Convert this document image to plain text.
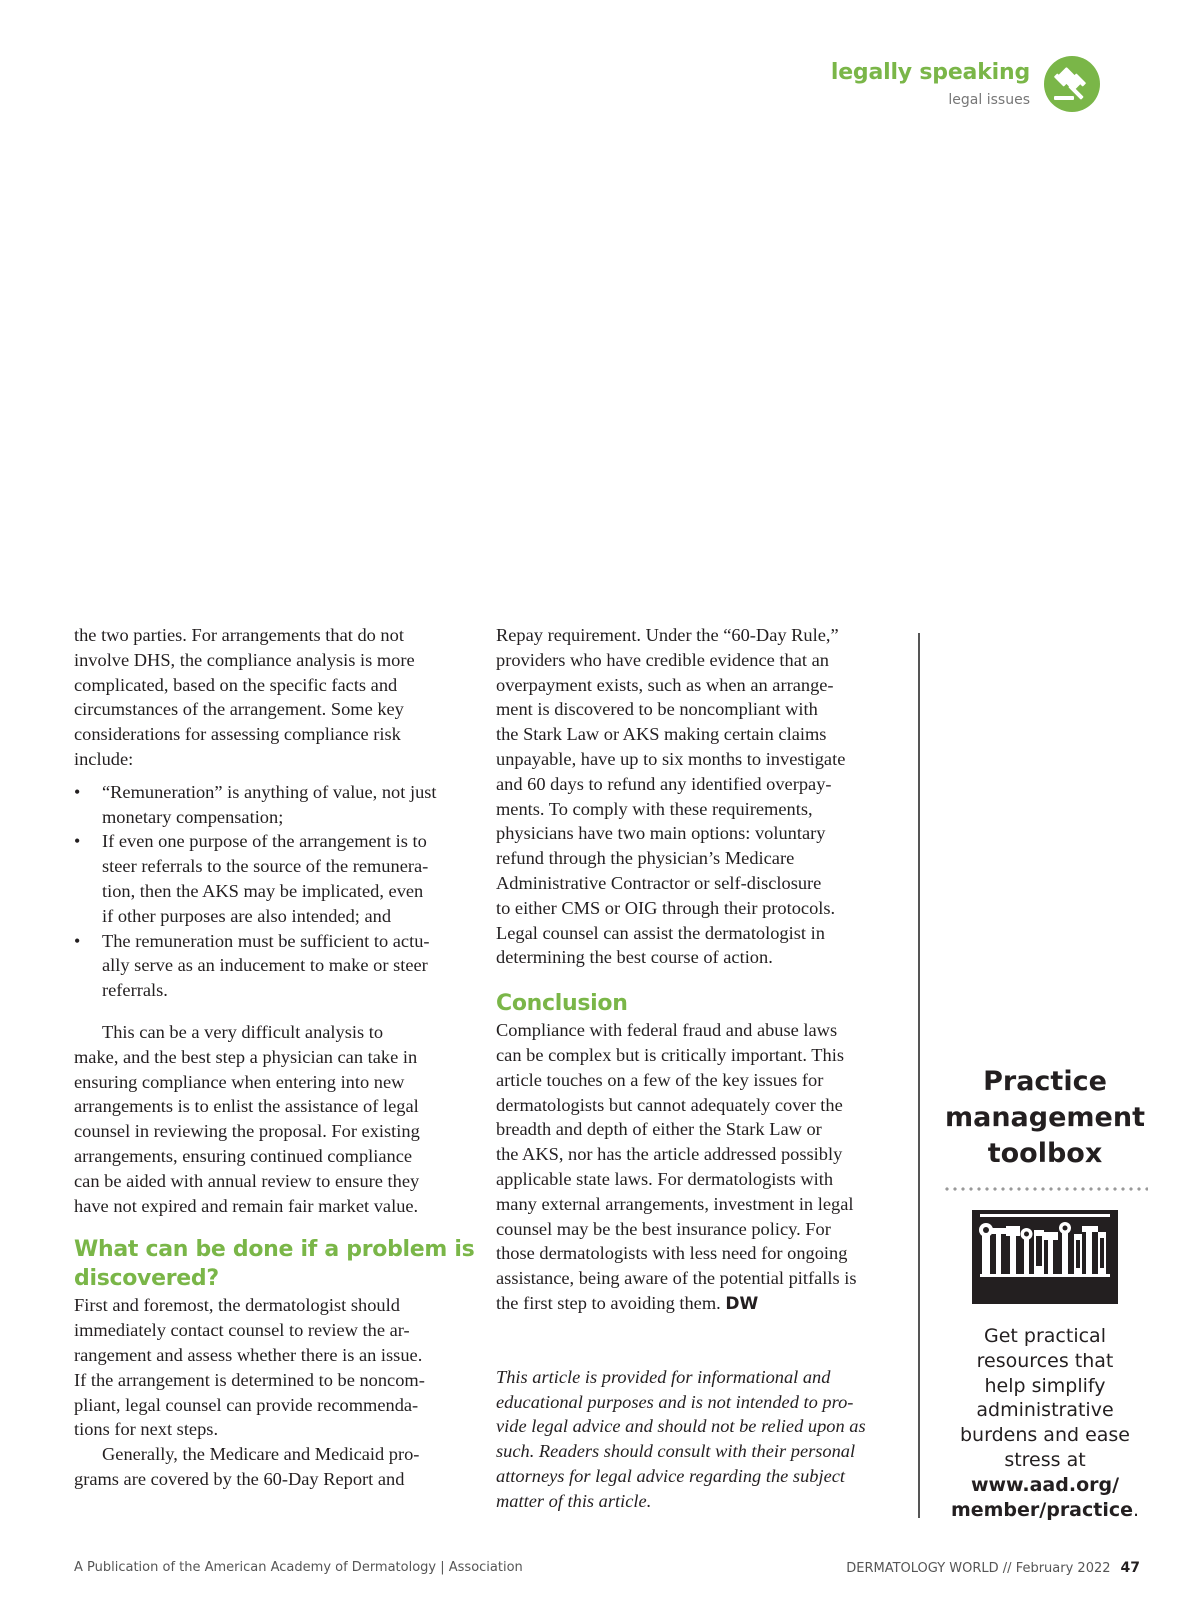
legally speaking
legal issues

the two parties. For arrangements that do not
involve DHS, the compliance analysis is more
complicated, based on the specific facts and
circumstances of the arrangement. Some key
considerations for assessing compliance risk
include:

• “Remuneration” is anything of value, not just
monetary compensation;
• If even one purpose of the arrangement is to
steer referrals to the source of the remunera-
tion, then the AKS may be implicated, even
if other purposes are also intended; and
• The remuneration must be sufficient to actu-
ally serve as an inducement to make or steer
referrals.

This can be a very difficult analysis to
make, and the best step a physician can take in
ensuring compliance when entering into new
arrangements is to enlist the assistance of legal
counsel in reviewing the proposal. For existing
arrangements, ensuring continued compliance
can be aided with annual review to ensure they
have not expired and remain fair market value.

What can be done if a problem is
discovered?

First and foremost, the dermatologist should
immediately contact counsel to review the ar-
rangement and assess whether there is an issue.
If the arrangement is determined to be noncom-
pliant, legal counsel can provide recommenda-
tions for next steps.

Generally, the Medicare and Medicaid pro-
grams are covered by the 60-Day Report and

Repay requirement. Under the “60-Day Rule,”
providers who have credible evidence that an
overpayment exists, such as when an arrange-
ment is discovered to be noncompliant with
the Stark Law or AKS making certain claims
unpayable, have up to six months to investigate
and 60 days to refund any identified overpay-
ments. To comply with these requirements,
physicians have two main options: voluntary
refund through the physician’s Medicare
Administrative Contractor or self-disclosure
to either CMS or OIG through their protocols.
Legal counsel can assist the dermatologist in
determining the best course of action.

Conclusion

Compliance with federal fraud and abuse laws
can be complex but is critically important. This
article touches on a few of the key issues for
dermatologists but cannot adequately cover the
breadth and depth of either the Stark Law or
the AKS, nor has the article addressed possibly
applicable state laws. For dermatologists with
many external arrangements, investment in legal
counsel may be the best insurance policy. For
those dermatologists with less need for ongoing
assistance, being aware of the potential pitfalls is
the first step to avoiding them. DW

This article is provided for informational and
educational purposes and is not intended to pro-
vide legal advice and should not be relied upon as
such. Readers should consult with their personal
attorneys for legal advice regarding the subject
matter of this article.

Practice
management
toolbox
Get practical
resources that
help simplify
administrative
burdens and ease
stress at
www.aad.org/
member/practice.
A Publication of the American Academy of Dermatology | Association	DERMATOLOGY WORLD // February 2022 47
